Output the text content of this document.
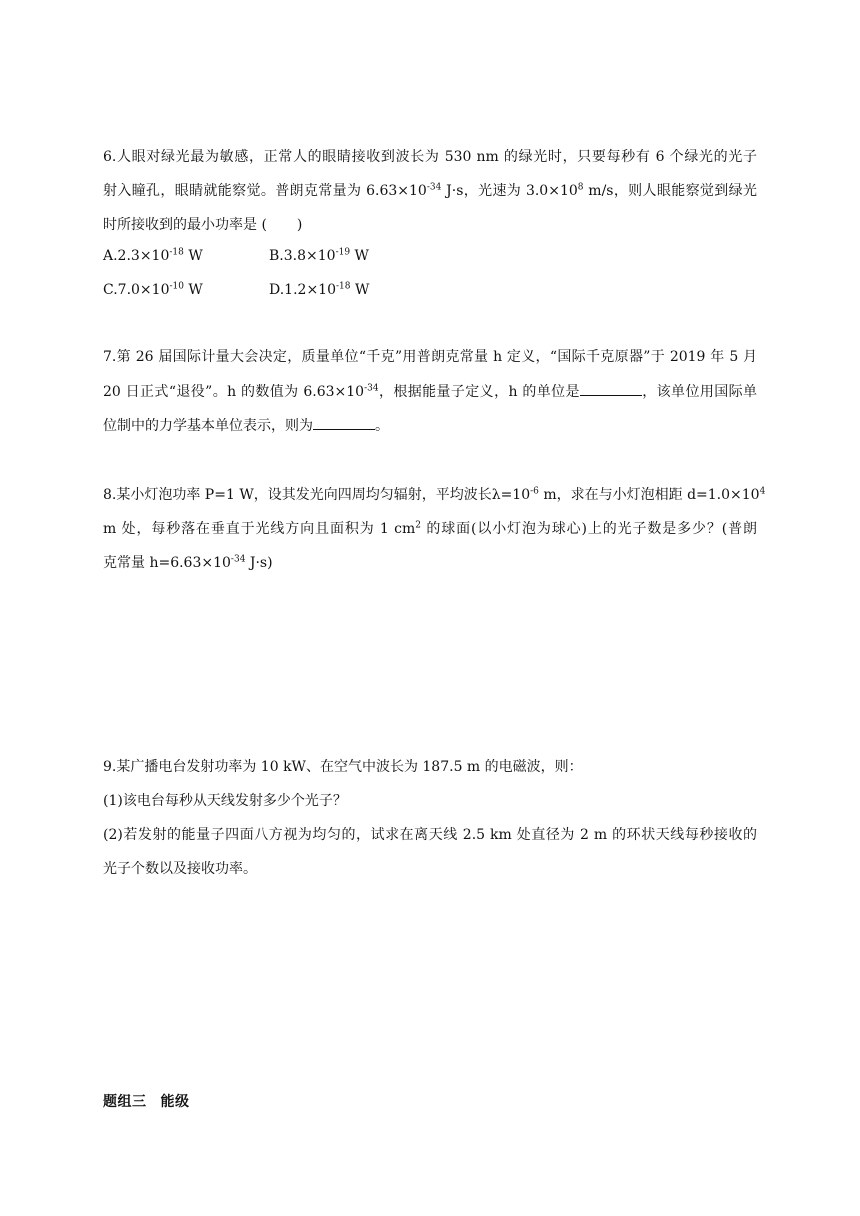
6.人眼对绿光最为敏感，正常人的眼睛接收到波长为 530 nm 的绿光时，只要每秒有 6 个绿光的光子
射入瞳孔，眼睛就能察觉。普朗克常量为 $6.63\times 10^{-34}$ J·s，光速为 $3.0\times 10^8$ m/s，则人眼能察觉到绿光
时所接收到的最小功率是 ( )
$A.2.3\times 10^{-18}$ W	$B.3.8\times 10^{-19}$ W
$C.7.0\times 10^{-10}$ W	$D.1.2\times 10^{-18}$ W
7.第 26 届国际计量大会决定，质量单位“千克”用普朗克常量 h 定义，“国际千克原器”于 2019 年 5 月
20 日正式“退役”。h 的数值为 $6.63\times 10^{-34}$，根据能量子定义，h 的单位是	，该单位用国际单
位制中的力学基本单位表示，则为	。
8.某小灯泡功率 P=1 W，设其发光向四周均匀辐射，平均波长$\lambda=10^{-6}$ m，求在与小灯泡相距 $d=1.0\times 10^4$
m 处，每秒落在垂直于光线方向且面积为 1 $cm^2$ 的球面(以小灯泡为球心)上的光子数是多少？(普朗
克常量 $h=6.63\times 10^{-34}$ J·s)
9.某广播电台发射功率为 10 kW、在空气中波长为 187.5 m 的电磁波，则：
(1)该电台每秒从天线发射多少个光子？
(2)若发射的能量子四面八方视为均匀的，试求在离天线 2.5 km 处直径为 2 m 的环状天线每秒接收的
光子个数以及接收功率。
题组三 能级
